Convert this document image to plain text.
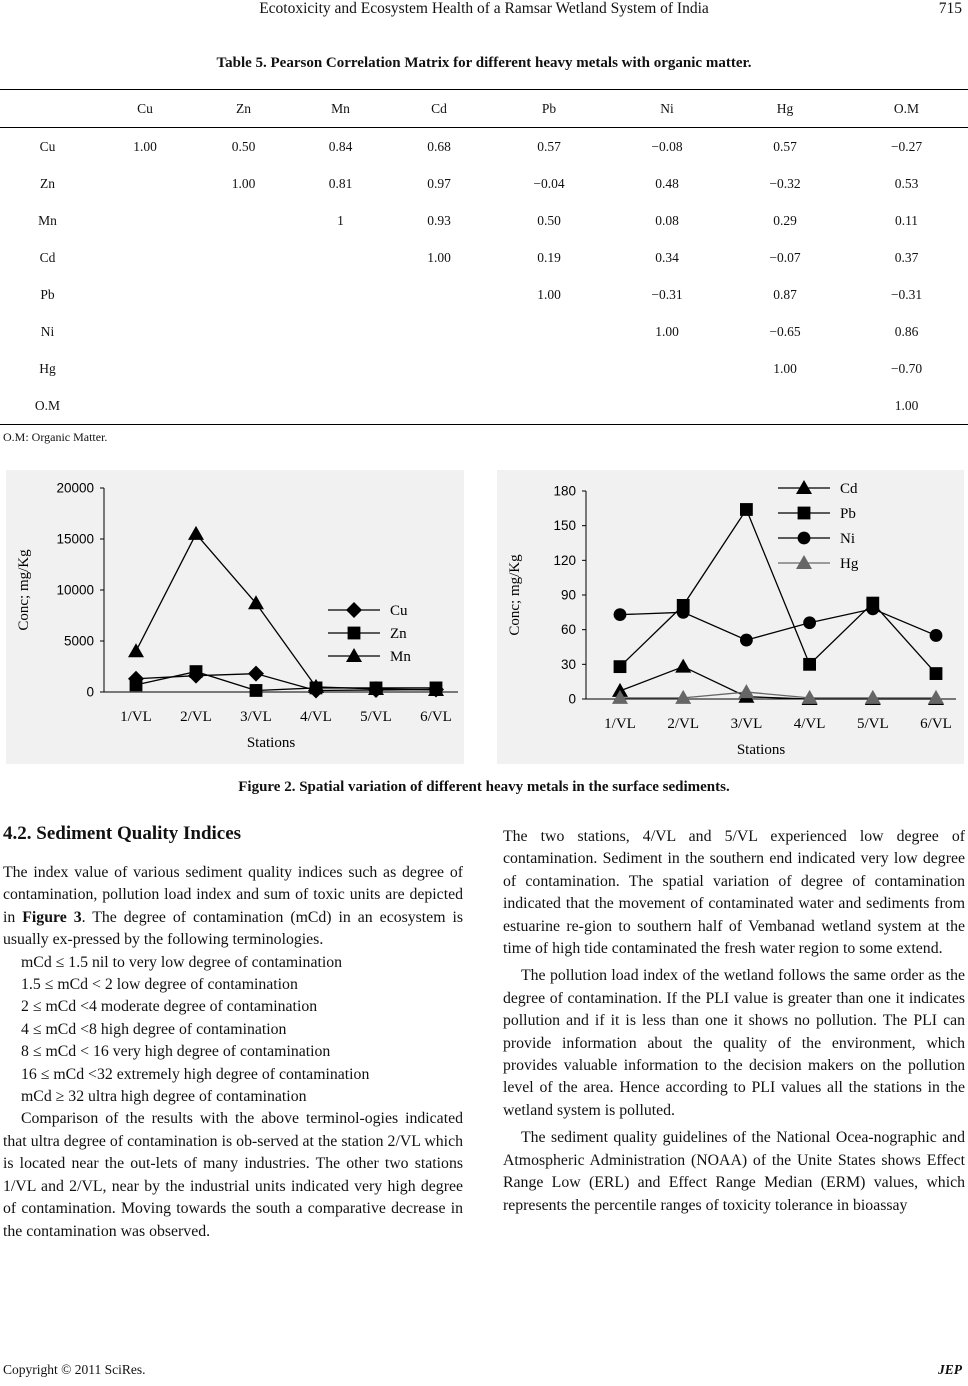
Ecotoxicity and Ecosystem Health of a Ramsar Wetland System of India	715
Table 5. Pearson Correlation Matrix for different heavy metals with organic matter.
	Cu	Zn	Mn	Cd	Pb	Ni	Hg	O.M
Cu	1.00	0.50	0.84	0.68	0.57	−0.08	0.57	−0.27
Zn		1.00	0.81	0.97	−0.04	0.48	−0.32	0.53
Mn			1	0.93	0.50	0.08	0.29	0.11
Cd				1.00	0.19	0.34	−0.07	0.37
Pb					1.00	−0.31	0.87	−0.31
Ni						1.00	−0.65	0.86
Hg							1.00	−0.70
O.M								1.00
O.M: Organic Matter.
0
5000
10000
15000
20000
1/VL 2/VL 3/VL 4/VL 5/VL 6/VL
Stations
Conc; mg/Kg	Cu
Zn
Mn
0
30
60
90
120
150
180
1/VL 2/VL 3/VL 4/VL 5/VL 6/VL
Stations
Conc; mg/Kg
Cd
Pb
Ni
Hg
Figure 2. Spatial variation of different heavy metals in the surface sediments.
4.2. Sediment Quality Indices

The index value of various sediment quality indices such as degree of contamination, pollution load index and sum of toxic units are depicted in Figure 3. The degree of contamination (mCd) in an ecosystem is usually ex-pressed by the following terminologies.

mCd ≤ 1.5 nil to very low degree of contamination
1.5 ≤ mCd < 2 low degree of contamination
2 ≤ mCd <4 moderate degree of contamination
4 ≤ mCd <8 high degree of contamination
8 ≤ mCd < 16 very high degree of contamination
16 ≤ mCd <32 extremely high degree of contamination
mCd ≥ 32 ultra high degree of contamination

Comparison of the results with the above terminol-ogies indicated that ultra degree of contamination is ob-served at the station 2/VL which is located near the out-lets of many industries. The other two stations 1/VL and 2/VL, near by the industrial units indicated very high degree of contamination. Moving towards the south a comparative decrease in the contamination was observed.

The two stations, 4/VL and 5/VL experienced low degree of contamination. Sediment in the southern end indicated very low degree of contamination. The spatial variation of degree of contamination indicated that the movement of contaminated water and sediments from estuarine re-gion to southern half of Vembanad wetland system at the time of high tide contaminated the fresh water region to some extend.

The pollution load index of the wetland follows the same order as the degree of contamination. If the PLI value is greater than one it indicates pollution and if it is less than one it shows no pollution. The PLI can provide information about the quality of the environment, which provides valuable information to the decision makers on the pollution level of the area. Hence according to PLI values all the stations in the wetland system is polluted.

The sediment quality guidelines of the National Ocea-nographic and Atmospheric Administration (NOAA) of the Unite States shows Effect Range Low (ERL) and Effect Range Median (ERM) values, which represents the percentile ranges of toxicity tolerance in bioassay

Copyright © 2011 SciRes.	JEP
